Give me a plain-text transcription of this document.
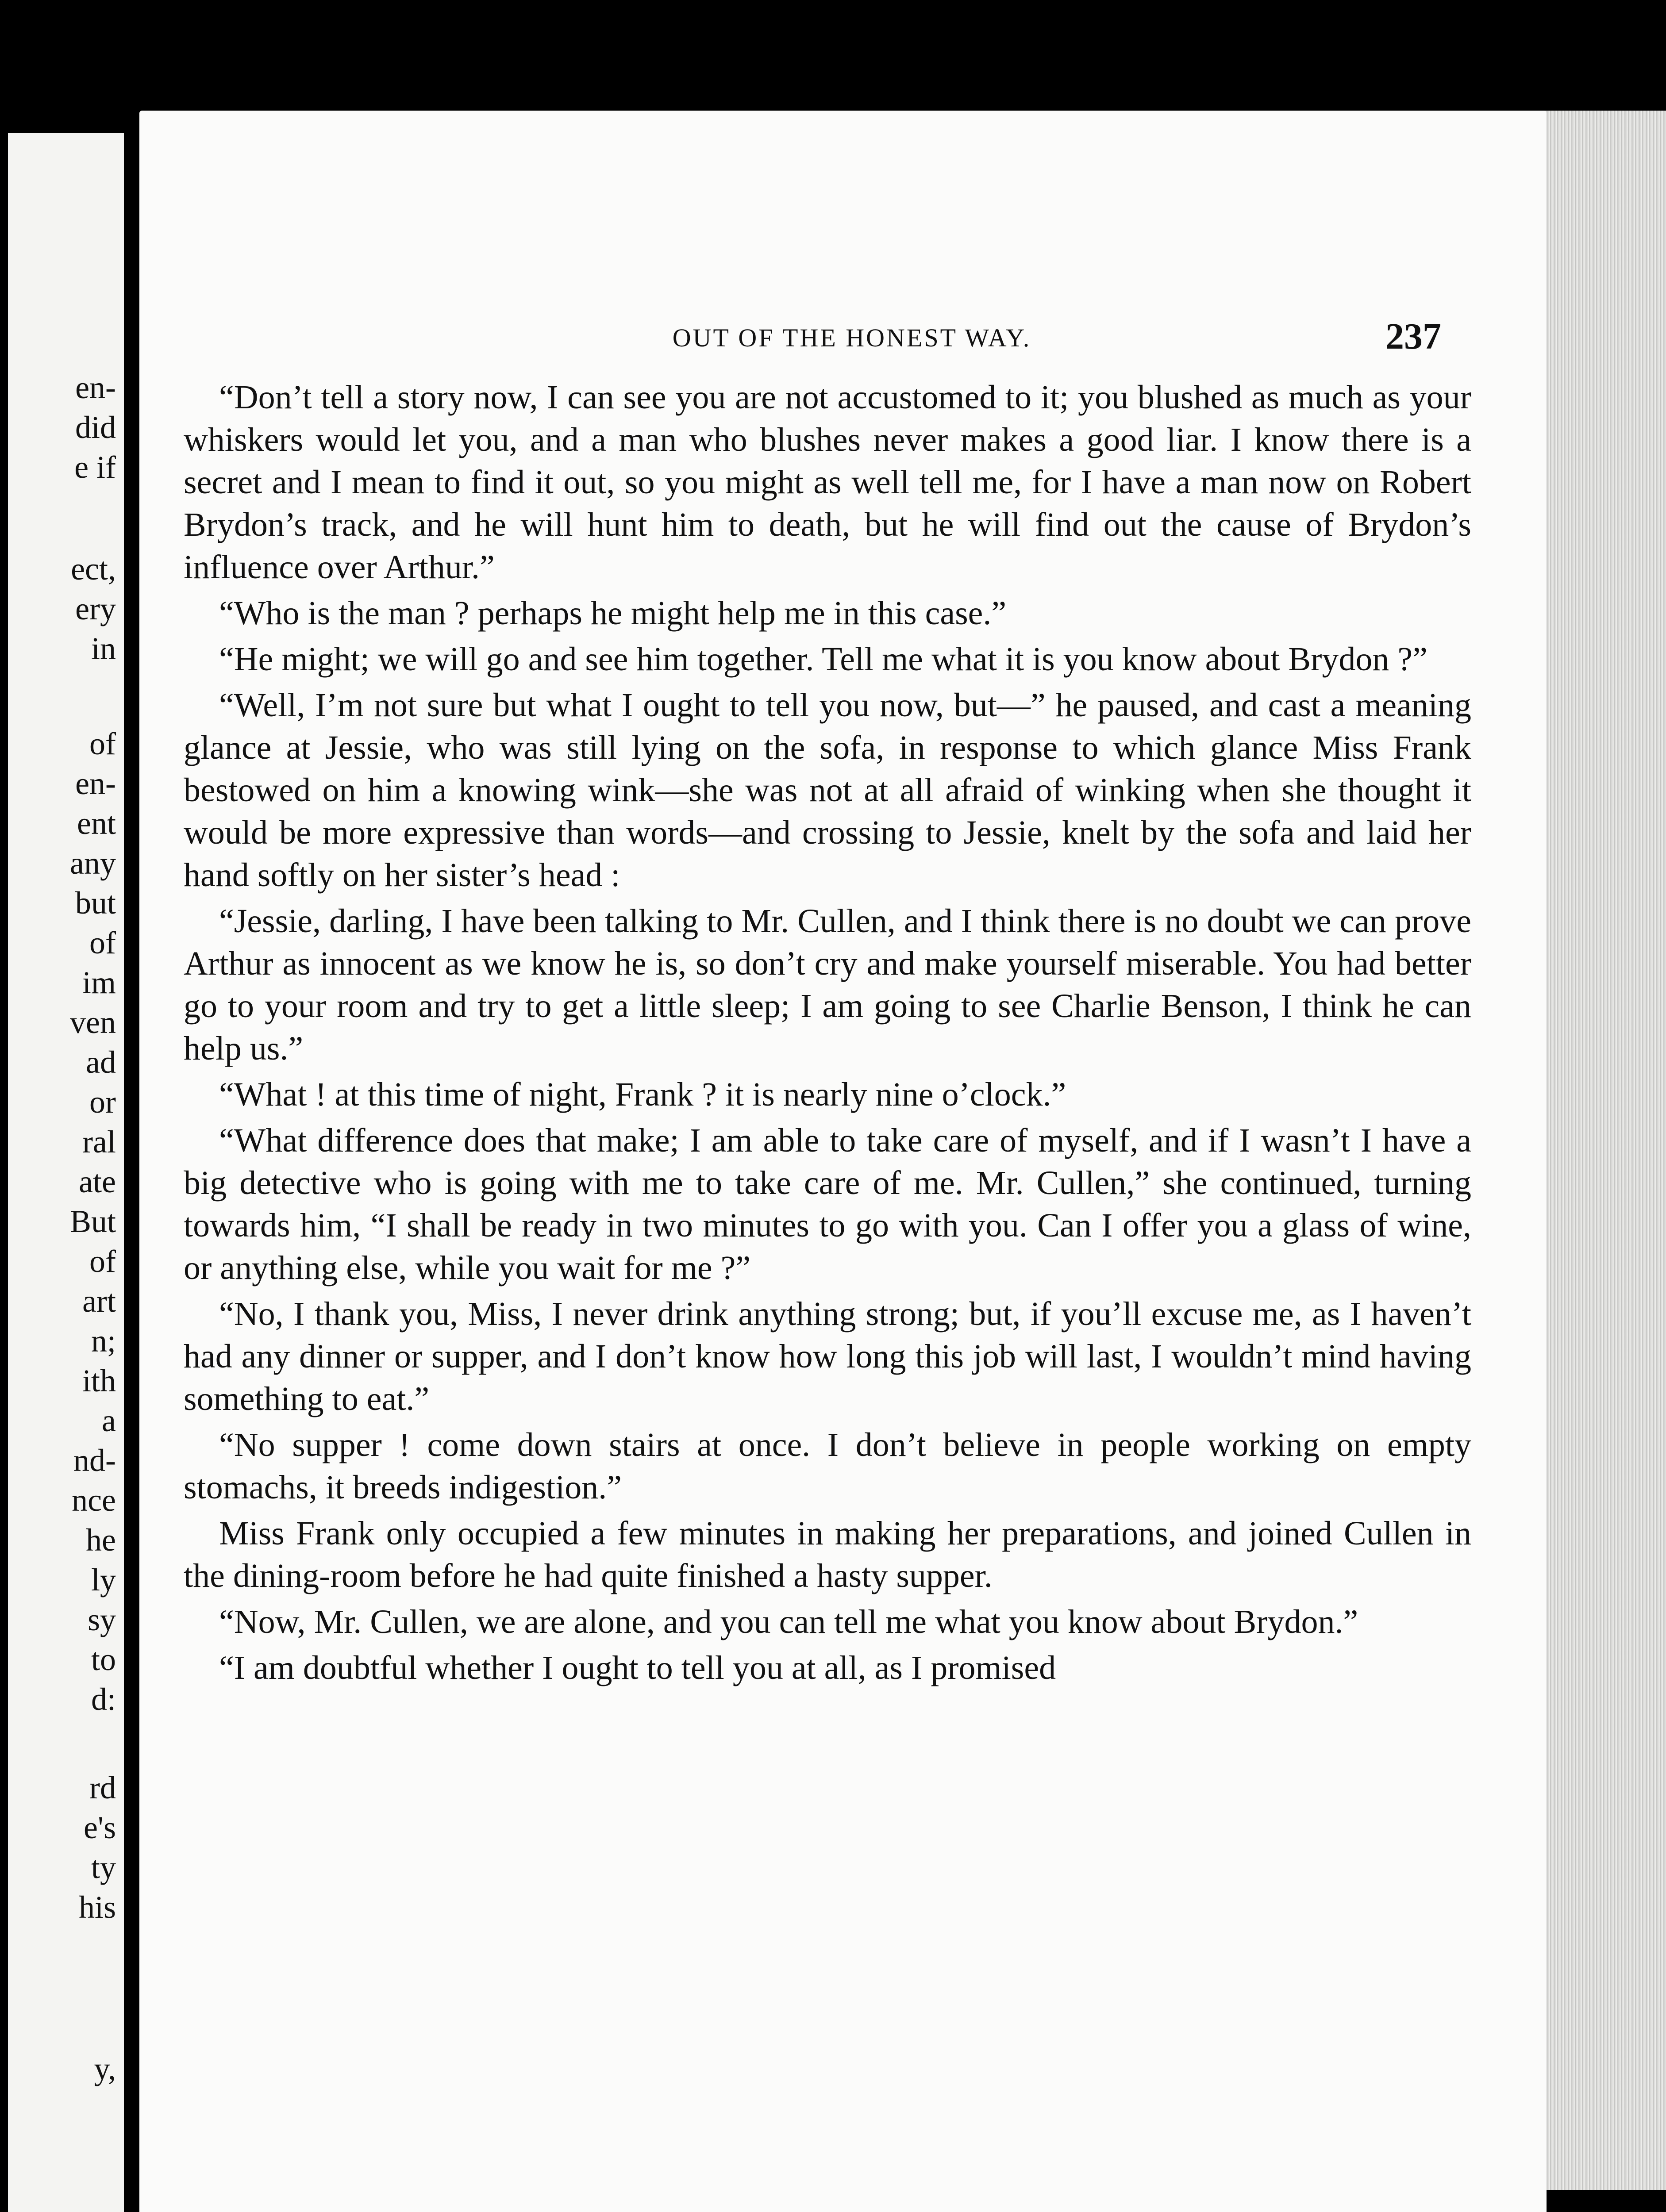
en-
did
e if
ect,
ery
in
of
en-
ent
any
but
of
im
ven
ad
or
ral
ate
But
of
art
n;
ith
a
nd-
nce
he
ly
sy
to
d:
rd
e's
ty
his
y,
OUT OF THE HONEST WAY.	237

“Don’t tell a story now, I can see you are not accustomed to it; you blushed as much as your whiskers would let you, and a man who blushes never makes a good liar. I know there is a secret and I mean to find it out, so you might as well tell me, for I have a man now on Robert Brydon’s track, and he will hunt him to death, but he will find out the cause of Brydon’s influence over Arthur.”

“Who is the man ? perhaps he might help me in this case.”

“He might; we will go and see him together. Tell me what it is you know about Brydon ?”

“Well, I’m not sure but what I ought to tell you now, but—” he paused, and cast a meaning glance at Jessie, who was still lying on the sofa, in response to which glance Miss Frank bestowed on him a knowing wink—she was not at all afraid of winking when she thought it would be more expressive than words—and crossing to Jessie, knelt by the sofa and laid her hand softly on her sister’s head :

“Jessie, darling, I have been talking to Mr. Cullen, and I think there is no doubt we can prove Arthur as innocent as we know he is, so don’t cry and make yourself miserable. You had better go to your room and try to get a little sleep; I am going to see Charlie Benson, I think he can help us.”

“What ! at this time of night, Frank ? it is nearly nine o’clock.”

“What difference does that make; I am able to take care of myself, and if I wasn’t I have a big detective who is going with me to take care of me. Mr. Cullen,” she continued, turning towards him, “I shall be ready in two minutes to go with you. Can I offer you a glass of wine, or anything else, while you wait for me ?”

“No, I thank you, Miss, I never drink anything strong; but, if you’ll excuse me, as I haven’t had any dinner or supper, and I don’t know how long this job will last, I wouldn’t mind having something to eat.”

“No supper ! come down stairs at once. I don’t believe in people working on empty stomachs, it breeds indigestion.”

Miss Frank only occupied a few minutes in making her preparations, and joined Cullen in the dining-room before he had quite finished a hasty supper.

“Now, Mr. Cullen, we are alone, and you can tell me what you know about Brydon.”

“I am doubtful whether I ought to tell you at all, as I promised
